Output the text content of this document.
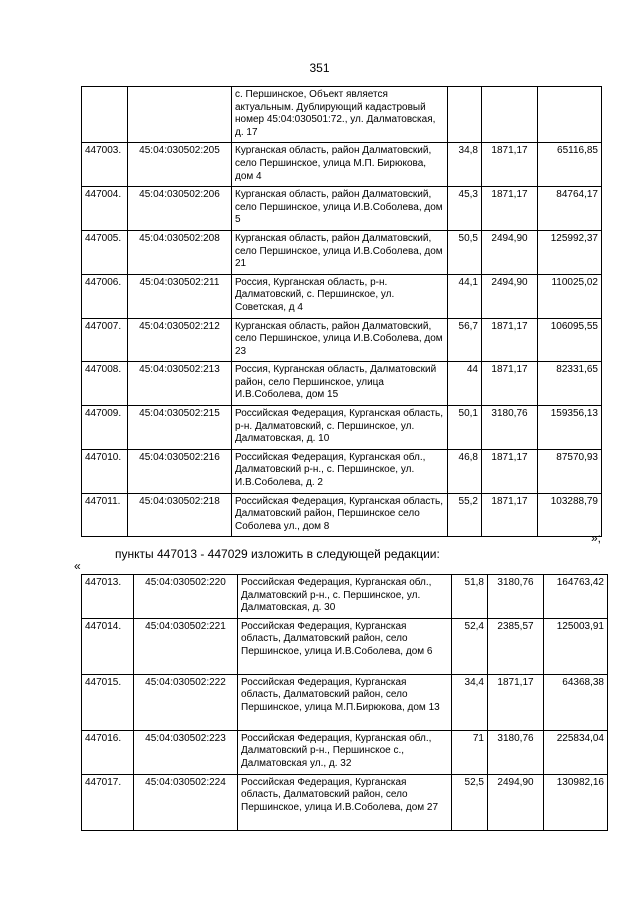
351
		с. Першинское, Объект является актуальным. Дублирующий кадастровый номер 45:04:030501:72., ул. Далматовская, д. 17			
447003.	45:04:030502:205	Курганская область, район Далматовский, село Першинское, улица М.П. Бирюкова, дом 4	34,8	1871,17	65116,85
447004.	45:04:030502:206	Курганская область, район Далматовский, село Першинское, улица И.В.Соболева, дом 5	45,3	1871,17	84764,17
447005.	45:04:030502:208	Курганская область, район Далматовский, село Першинское, улица И.В.Соболева, дом 21	50,5	2494,90	125992,37
447006.	45:04:030502:211	Россия, Курганская область, р-н. Далматовский, с. Першинское, ул. Советская, д 4	44,1	2494,90	110025,02
447007.	45:04:030502:212	Курганская область, район Далматовский, село Першинское, улица И.В.Соболева, дом 23	56,7	1871,17	106095,55
447008.	45:04:030502:213	Россия, Курганская область, Далматовский район, село Першинское, улица И.В.Соболева, дом 15	44	1871,17	82331,65
447009.	45:04:030502:215	Российская Федерация, Курганская область, р-н. Далматовский, с. Першинское, ул. Далматовская, д. 10	50,1	3180,76	159356,13
447010.	45:04:030502:216	Российская Федерация, Курганская обл., Далматовский р-н., с. Першинское, ул. И.В.Соболева, д. 2	46,8	1871,17	87570,93
447011.	45:04:030502:218	Российская Федерация, Курганская область, Далматовский район, Першинское село Соболева ул., дом 8	55,2	1871,17	103288,79
»;
пункты 447013 - 447029 изложить в следующей редакции:
«
447013.	45:04:030502:220	Российская Федерация, Курганская обл., Далматовский р-н., с. Першинское, ул. Далматовская, д. 30	51,8	3180,76	164763,42
447014.	45:04:030502:221	Российская Федерация, Курганская область, Далматовский район, село Першинское, улица И.В.Соболева, дом 6	52,4	2385,57	125003,91
447015.	45:04:030502:222	Российская Федерация, Курганская область, Далматовский район, село Першинское, улица М.П.Бирюкова, дом 13	34,4	1871,17	64368,38
447016.	45:04:030502:223	Российская Федерация, Курганская обл., Далматовский р-н., Першинское с., Далматовская ул., д. 32	71	3180,76	225834,04
447017.	45:04:030502:224	Российская Федерация, Курганская область, Далматовский район, село Першинское, улица И.В.Соболева, дом 27	52,5	2494,90	130982,16
